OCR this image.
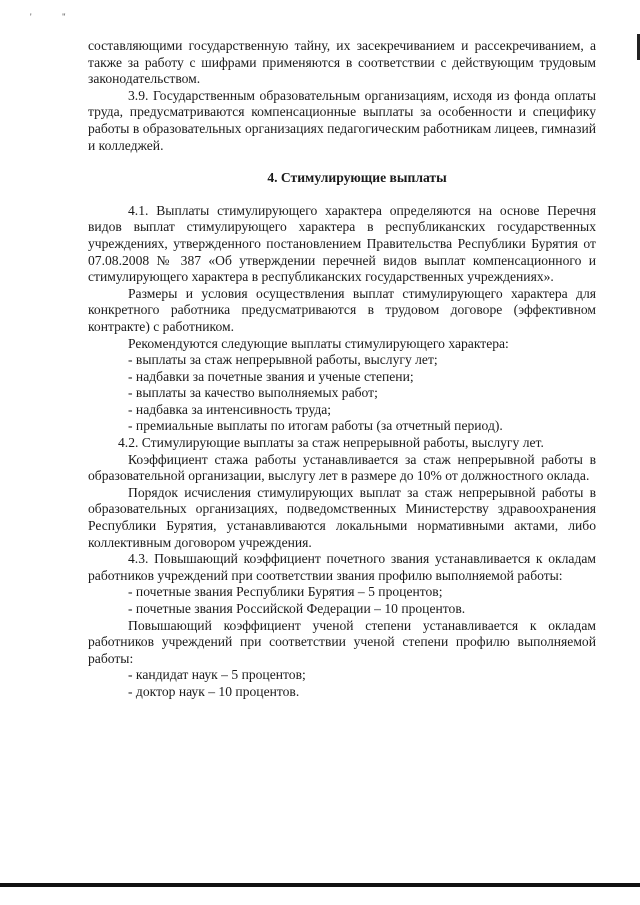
'	"

составляющими государственную тайну, их засекречиванием и рассекречиванием, а также за работу с шифрами применяются в соответствии с действующим трудовым законодательством.

3.9. Государственным образовательным организациям, исходя из фонда оплаты труда, предусматриваются компенсационные выплаты за особенности и специфику работы в образовательных организациях педагогическим работникам лицеев, гимназий и колледжей.

4. Стимулирующие выплаты

4.1. Выплаты стимулирующего характера определяются на основе Перечня видов выплат стимулирующего характера в республиканских государственных учреждениях, утвержденного постановлением Правительства Республики Бурятия от 07.08.2008 № 387 «Об утверждении перечней видов выплат компенсационного и стимулирующего характера в республиканских государственных учреждениях».

Размеры и условия осуществления выплат стимулирующего характера для конкретного работника предусматриваются в трудовом договоре (эффективном контракте) с работником.

Рекомендуются следующие выплаты стимулирующего характера:

- выплаты за стаж непрерывной работы, выслугу лет;

- надбавки за почетные звания и ученые степени;

- выплаты за качество выполняемых работ;

- надбавка за интенсивность труда;

- премиальные выплаты по итогам работы (за отчетный период).

4.2. Стимулирующие выплаты за стаж непрерывной работы, выслугу лет.

Коэффициент стажа работы устанавливается за стаж непрерывной работы в образовательной организации, выслугу лет в размере до 10% от должностного оклада.

Порядок исчисления стимулирующих выплат за стаж непрерывной работы в образовательных организациях, подведомственных Министерству здравоохранения Республики Бурятия, устанавливаются локальными нормативными актами, либо коллективным договором учреждения.

4.3. Повышающий коэффициент почетного звания устанавливается к окладам работников учреждений при соответствии звания профилю выполняемой работы:

- почетные звания Республики Бурятия – 5 процентов;

- почетные звания Российской Федерации – 10 процентов.

Повышающий коэффициент ученой степени устанавливается к окладам работников учреждений при соответствии ученой степени профилю выполняемой работы:

- кандидат наук – 5 процентов;

- доктор наук – 10 процентов.
